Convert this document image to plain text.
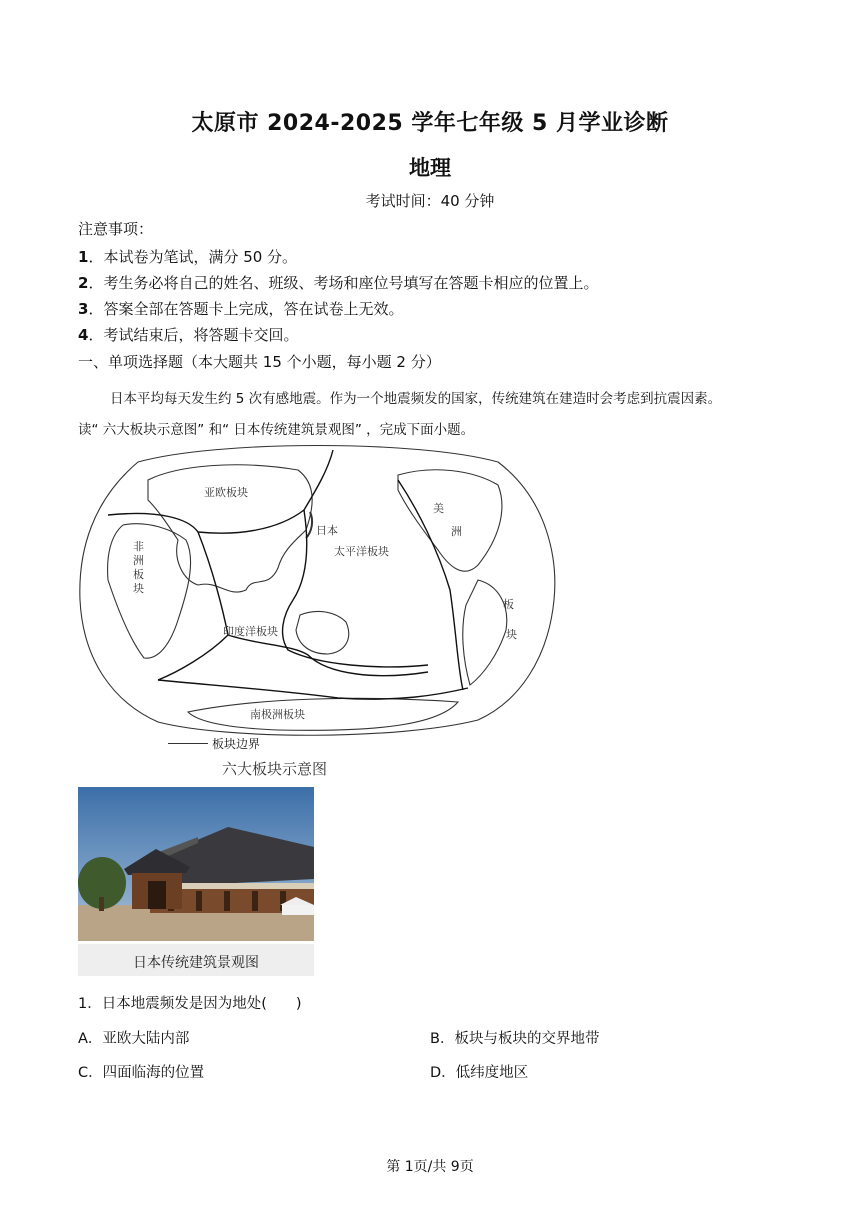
太原市 2024-2025 学年七年级 5 月学业诊断
地理
考试时间：40 分钟
注意事项：
1．本试卷为笔试，满分 50 分。
2．考生务必将自己的姓名、班级、考场和座位号填写在答题卡相应的位置上。
3．答案全部在答题卡上完成，答在试卷上无效。
4．考试结束后，将答题卡交回。
一、单项选择题（本大题共 15 个小题，每小题 2 分）
日本平均每天发生约 5 次有感地震。作为一个地震频发的国家，传统建筑在建造时会考虑到抗震因素。
读“ 六大板块示意图” 和“ 日本传统建筑景观图” ，完成下面小题。
亚欧板块
日本
太平洋板块
印度洋板块
南极洲板块
非
洲
板
块
美
洲
板
块
板块边界
六大板块示意图
日本传统建筑景观图
1．日本地震频发是因为地处(　　)
A．亚欧大陆内部	B．板块与板块的交界地带
C．四面临海的位置	D．低纬度地区
第 1页/共 9页
